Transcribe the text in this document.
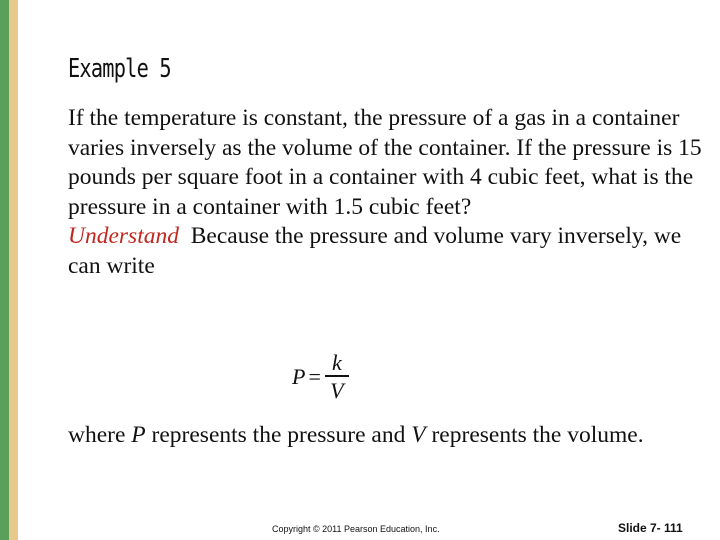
Example 5

If the temperature is constant, the pressure of a gas in a container varies inversely as the volume of the container. If the pressure is 15 pounds per square foot in a container with 4 cubic feet, what is the pressure in a container with 1.5 cubic feet?

Understand Because the pressure and volume vary inversely, we can write

$P = \frac{k}{V}$

where P represents the pressure and V represents the volume.

Copyright © 2011 Pearson Education, Inc.	Slide 7- 111
